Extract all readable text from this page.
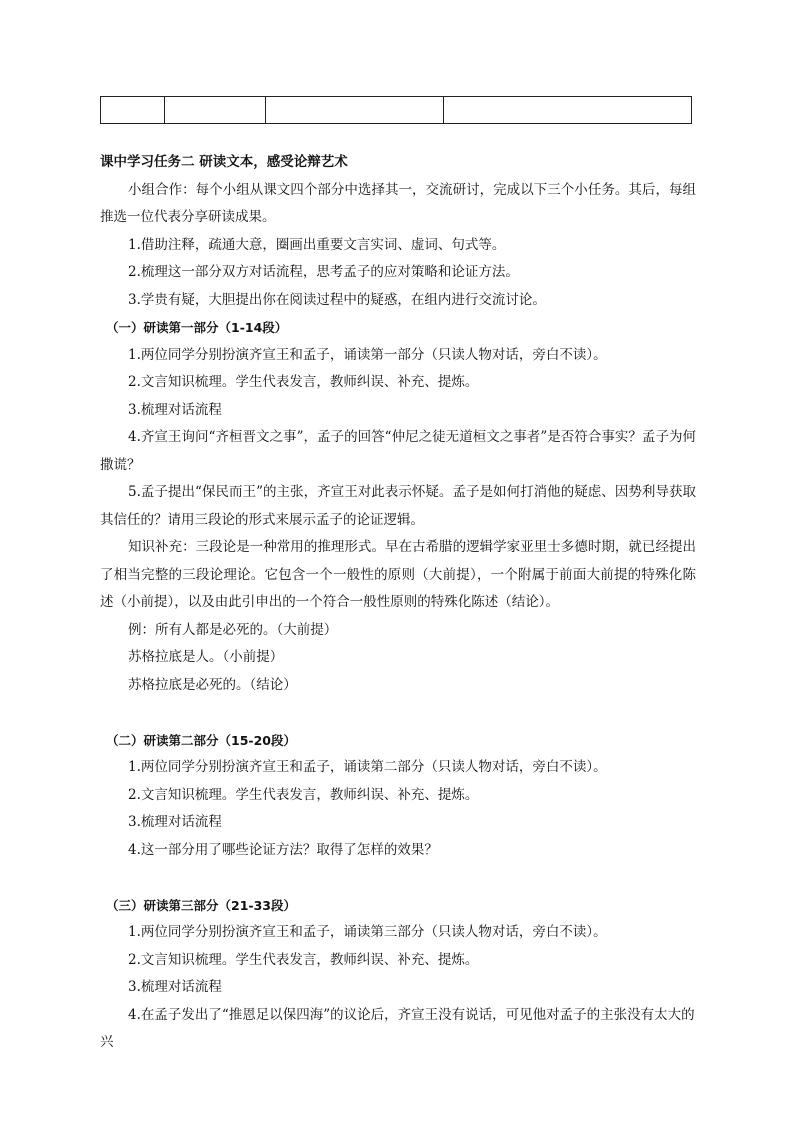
课中学习任务二 研读文本，感受论辩艺术

小组合作：每个小组从课文四个部分中选择其一，交流研讨，完成以下三个小任务。其后，每组推选一位代表分享研读成果。

1.借助注释，疏通大意，圈画出重要文言实词、虚词、句式等。

2.梳理这一部分双方对话流程，思考孟子的应对策略和论证方法。

3.学贵有疑，大胆提出你在阅读过程中的疑惑，在组内进行交流讨论。

（一）研读第一部分（1-14段）

1.两位同学分别扮演齐宣王和孟子，诵读第一部分（只读人物对话，旁白不读）。

2.文言知识梳理。学生代表发言，教师纠误、补充、提炼。

3.梳理对话流程

4.齐宣王询问“齐桓晋文之事”，孟子的回答“仲尼之徒无道桓文之事者”是否符合事实？孟子为何撒谎？

5.孟子提出“保民而王”的主张，齐宣王对此表示怀疑。孟子是如何打消他的疑虑、因势利导获取其信任的？请用三段论的形式来展示孟子的论证逻辑。

知识补充：三段论是一种常用的推理形式。早在古希腊的逻辑学家亚里士多德时期，就已经提出了相当完整的三段论理论。它包含一个一般性的原则（大前提），一个附属于前面大前提的特殊化陈述（小前提），以及由此引申出的一个符合一般性原则的特殊化陈述（结论）。

例：所有人都是必死的。（大前提）

苏格拉底是人。（小前提）

苏格拉底是必死的。（结论）

（二）研读第二部分（15-20段）

1.两位同学分别扮演齐宣王和孟子，诵读第二部分（只读人物对话，旁白不读）。

2.文言知识梳理。学生代表发言，教师纠误、补充、提炼。

3.梳理对话流程

4.这一部分用了哪些论证方法？取得了怎样的效果？

（三）研读第三部分（21-33段）

1.两位同学分别扮演齐宣王和孟子，诵读第三部分（只读人物对话，旁白不读）。

2.文言知识梳理。学生代表发言，教师纠误、补充、提炼。

3.梳理对话流程

4.在孟子发出了“推恩足以保四海”的议论后，齐宣王没有说话，可见他对孟子的主张没有太大的兴
